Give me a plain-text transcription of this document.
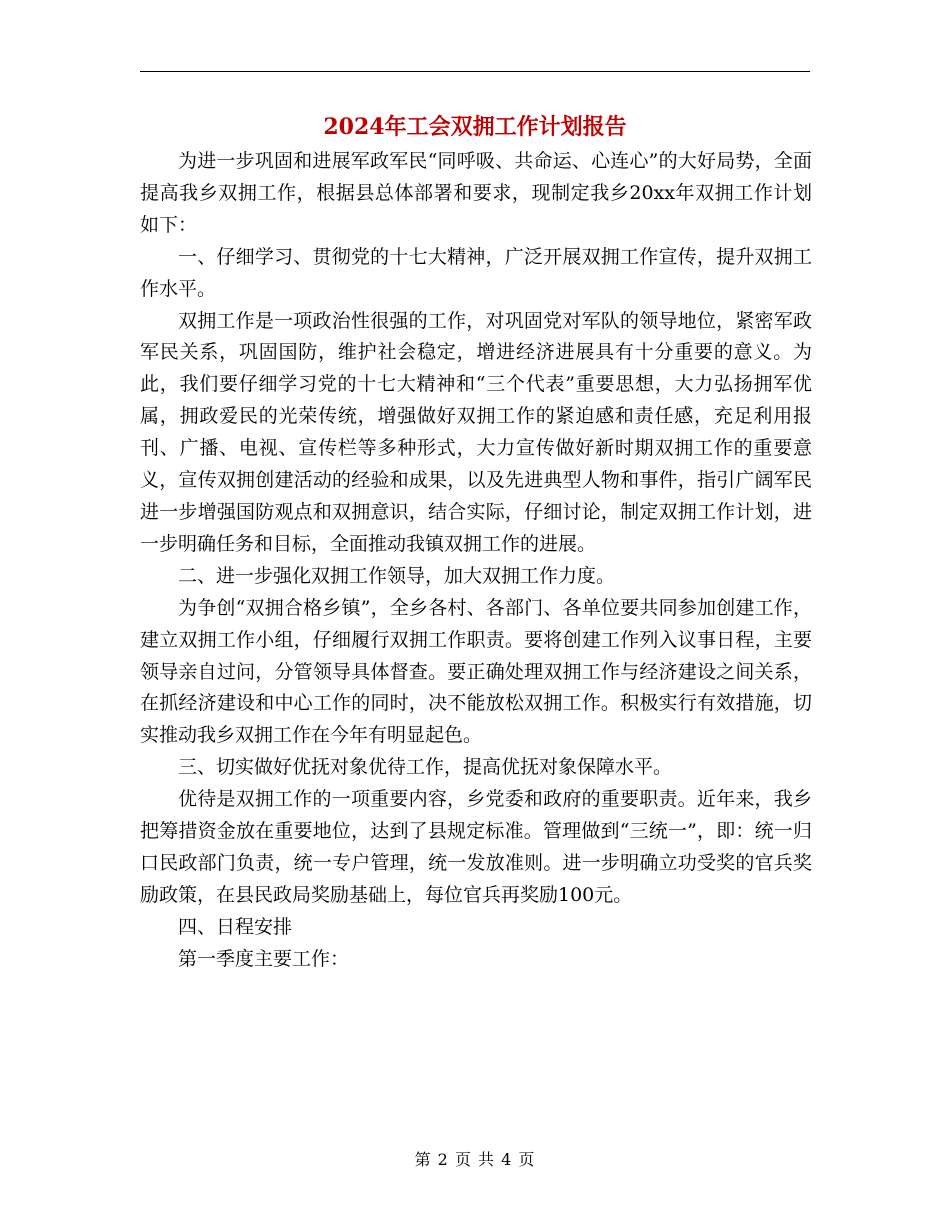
2024年工会双拥工作计划报告

为进一步巩固和进展军政军民“同呼吸、共命运、心连心”的大好局势，全面提高我乡双拥工作，根据县总体部署和要求，现制定我乡20xx年双拥工作计划如下：

一、仔细学习、贯彻党的十七大精神，广泛开展双拥工作宣传，提升双拥工作水平。

双拥工作是一项政治性很强的工作，对巩固党对军队的领导地位，紧密军政军民关系，巩固国防，维护社会稳定，增进经济进展具有十分重要的意义。为此，我们要仔细学习党的十七大精神和“三个代表”重要思想，大力弘扬拥军优属，拥政爱民的光荣传统，增强做好双拥工作的紧迫感和责任感，充足利用报刊、广播、电视、宣传栏等多种形式，大力宣传做好新时期双拥工作的重要意义，宣传双拥创建活动的经验和成果，以及先进典型人物和事件，指引广阔军民进一步增强国防观点和双拥意识，结合实际，仔细讨论，制定双拥工作计划，进一步明确任务和目标，全面推动我镇双拥工作的进展。

二、进一步强化双拥工作领导，加大双拥工作力度。

为争创“双拥合格乡镇”，全乡各村、各部门、各单位要共同参加创建工作，建立双拥工作小组，仔细履行双拥工作职责。要将创建工作列入议事日程，主要领导亲自过问，分管领导具体督查。要正确处理双拥工作与经济建设之间关系，在抓经济建设和中心工作的同时，决不能放松双拥工作。积极实行有效措施，切实推动我乡双拥工作在今年有明显起色。

三、切实做好优抚对象优待工作，提高优抚对象保障水平。

优待是双拥工作的一项重要内容，乡党委和政府的重要职责。近年来，我乡把筹措资金放在重要地位，达到了县规定标准。管理做到“三统一”，即：统一归口民政部门负责，统一专户管理，统一发放准则。进一步明确立功受奖的官兵奖励政策，在县民政局奖励基础上，每位官兵再奖励100元。

四、日程安排

第一季度主要工作：

第 2 页 共 4 页
